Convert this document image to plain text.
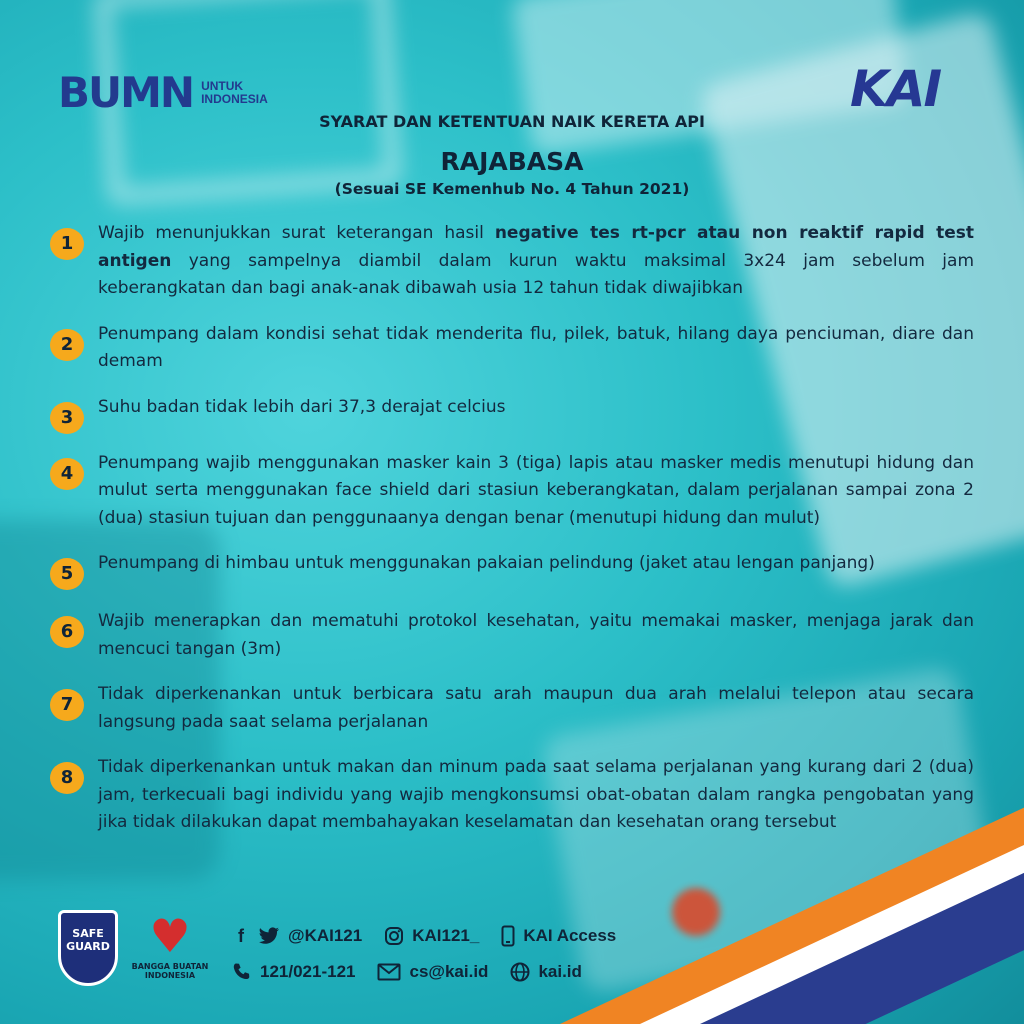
BUMN UNTUK
INDONESIA	KAI
SYARAT DAN KETENTUAN NAIK KERETA API
RAJABASA
(Sesuai SE Kemenhub No. 4 Tahun 2021)
1	Wajib menunjukkan surat keterangan hasil negative tes rt-pcr atau non reaktif rapid test antigen yang sampelnya diambil dalam kurun waktu maksimal 3x24 jam sebelum jam keberangkatan dan bagi anak-anak dibawah usia 12 tahun tidak diwajibkan
2	Penumpang dalam kondisi sehat tidak menderita flu, pilek, batuk, hilang daya penciuman, diare dan demam
3	Suhu badan tidak lebih dari 37,3 derajat celcius
4	Penumpang wajib menggunakan masker kain 3 (tiga) lapis atau masker medis menutupi hidung dan mulut serta menggunakan face shield dari stasiun keberangkatan, dalam perjalanan sampai zona 2 (dua) stasiun tujuan dan penggunaanya dengan benar (menutupi hidung dan mulut)
5	Penumpang di himbau untuk menggunakan pakaian pelindung (jaket atau lengan panjang)
6	Wajib menerapkan dan mematuhi protokol kesehatan, yaitu memakai masker, menjaga jarak dan mencuci tangan (3m)
7	Tidak diperkenankan untuk berbicara satu arah maupun dua arah melalui telepon atau secara langsung pada saat selama perjalanan
8	Tidak diperkenankan untuk makan dan minum pada saat selama perjalanan yang kurang dari 2 (dua) jam, terkecuali bagi individu yang wajib mengkonsumsi obat-obatan dalam rangka pengobatan yang jika tidak dilakukan dapat membahayakan keselamatan dan kesehatan orang tersebut
SAFE
GUARD ♥
BANGGA BUATAN INDONESIA
f	@KAI121	KAI121_	KAI Access
121/021-121	cs@kai.id	kai.id
